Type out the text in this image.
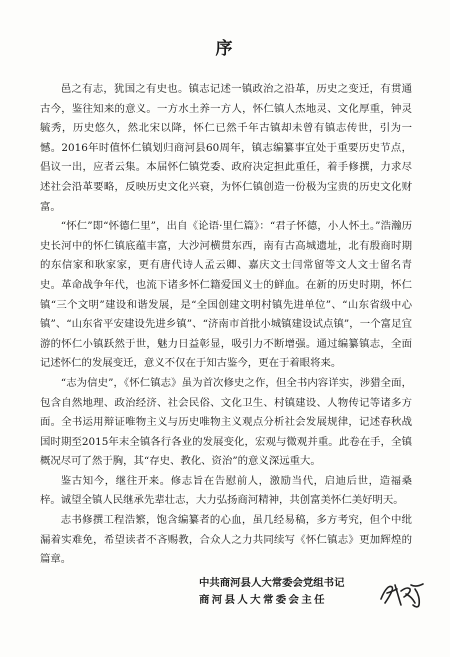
序

邑之有志，犹国之有史也。镇志记述一镇政治之沿革，历史之变迁，有贯通古今，鉴往知来的意义。一方水土养一方人，怀仁镇人杰地灵、文化厚重，钟灵毓秀，历史悠久，然北宋以降，怀仁已然千年古镇却未曾有镇志传世，引为一憾。2016年时值怀仁镇划归商河县60周年，镇志编纂事宜处于重要历史节点，倡议一出，应者云集。本届怀仁镇党委、政府决定担此重任，着手修撰，力求尽述社会沿革要略，反映历史文化兴衰，为怀仁镇创造一份极为宝贵的历史文化财富。

“怀仁”即“怀德仁里”，出自《论语·里仁篇》：“君子怀德，小人怀土。”浩瀚历史长河中的怀仁镇底蕴丰富，大沙河横贯东西，南有古高城遗址，北有殷商时期的东信家和耿家家，更有唐代诗人孟云卿、嘉庆文士闫常留等文人文士留名青史。革命战争年代，也流下诸多怀仁籍爱国义士的鲜血。在新的历史时期，怀仁镇“三个文明”建设和谐发展，是“全国创建文明村镇先进单位”、“山东省级中心镇”、“山东省平安建设先进乡镇”、“济南市首批小城镇建设试点镇”，一个富足宜游的怀仁小镇跃然于世，魅力日益彰显，吸引力不断增强。通过编纂镇志，全面记述怀仁的发展变迁，意义不仅在于知古鉴今，更在于着眼将来。

“志为信史”，《怀仁镇志》虽为首次修史之作，但全书内容详实，涉猎全面，包含自然地理、政治经济、社会民俗、文化卫生、村镇建设、人物传记等诸多方面。全书运用辩证唯物主义与历史唯物主义观点分析社会发展规律，记述春秋战国时期至2015年末全镇各行各业的发展变化，宏观与微观并重。此卷在手，全镇概况尽可了然于胸，其“存史、教化、资治”的意义深远重大。

鉴古知今，继往开来。修志旨在告慰前人，激励当代，启迪后世，造福桑梓。诚望全镇人民继承先辈壮志，大力弘扬商河精神，共创富美怀仁美好明天。

志书修撰工程浩繁，饱含编纂者的心血，虽几经易稿，多方考究，但个中纰漏着实难免，希望读者不吝赐教，合众人之力共同续写《怀仁镇志》更加辉煌的篇章。

中共商河县人大常委会党组书记
商河县人大常委会主任
